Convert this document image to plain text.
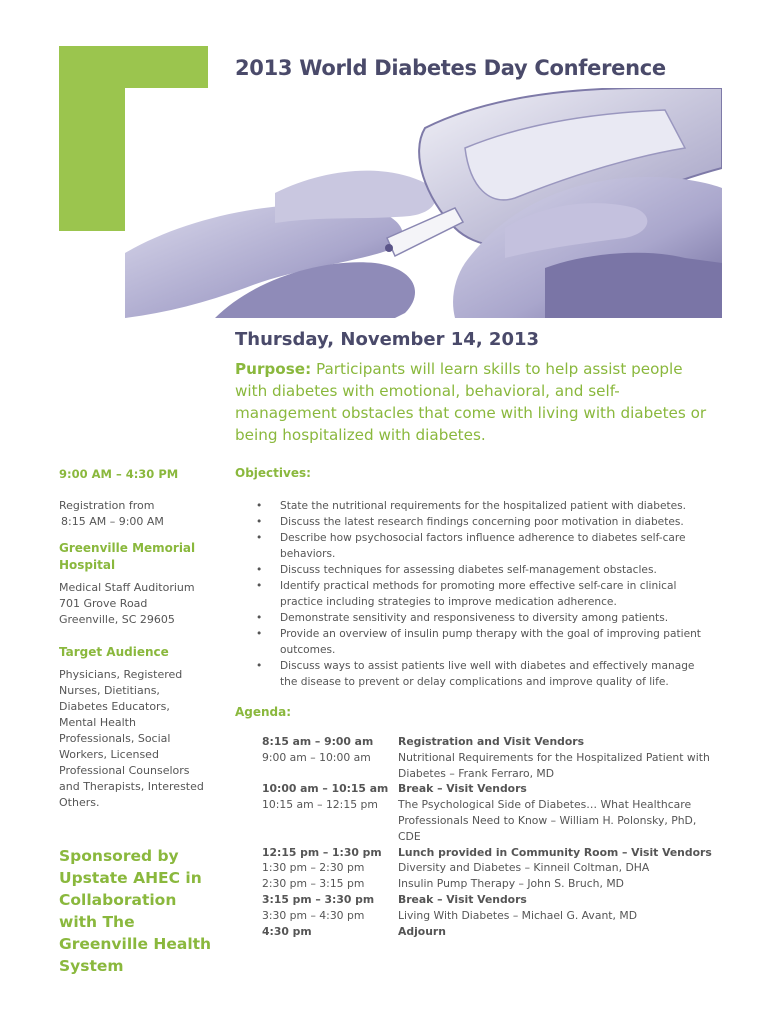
2013 World Diabetes Day Conference
Thursday, November 14, 2013
Purpose: Participants will learn skills to help assist people with diabetes with emotional, behavioral, and self-management obstacles that come with living with diabetes or being hospitalized with diabetes.
9:00 AM – 4:30 PM

Registration from

8:15 AM – 9:00 AM

Greenville Memorial Hospital

Medical Staff Auditorium

701 Grove Road

Greenville, SC 29605

Target Audience

Physicians, Registered Nurses, Dietitians, Diabetes Educators, Mental Health Professionals, Social Workers, Licensed Professional Counselors and Therapists, Interested Others.

Sponsored by Upstate AHEC in Collaboration with The Greenville Health System
Objectives:
• State the nutritional requirements for the hospitalized patient with diabetes.
• Discuss the latest research findings concerning poor motivation in diabetes.
• Describe how psychosocial factors influence adherence to diabetes self-care behaviors.
• Discuss techniques for assessing diabetes self-management obstacles.
• Identify practical methods for promoting more effective self-care in clinical practice including strategies to improve medication adherence.
• Demonstrate sensitivity and responsiveness to diversity among patients.
• Provide an overview of insulin pump therapy with the goal of improving patient outcomes.
• Discuss ways to assist patients live well with diabetes and effectively manage the disease to prevent or delay complications and improve quality of life.
Agenda:
8:15 am – 9:00 am	Registration and Visit Vendors
9:00 am – 10:00 am	Nutritional Requirements for the Hospitalized Patient with Diabetes – Frank Ferraro, MD
10:00 am – 10:15 am Break – Visit Vendors
10:15 am – 12:15 pm	The Psychological Side of Diabetes… What Healthcare Professionals Need to Know – William H. Polonsky, PhD, CDE
12:15 pm – 1:30 pm	Lunch provided in Community Room – Visit Vendors
1:30 pm – 2:30 pm	Diversity and Diabetes – Kinneil Coltman, DHA
2:30 pm – 3:15 pm	Insulin Pump Therapy – John S. Bruch, MD
3:15 pm – 3:30 pm	Break – Visit Vendors
3:30 pm – 4:30 pm	Living With Diabetes – Michael G. Avant, MD
4:30 pm	Adjourn
